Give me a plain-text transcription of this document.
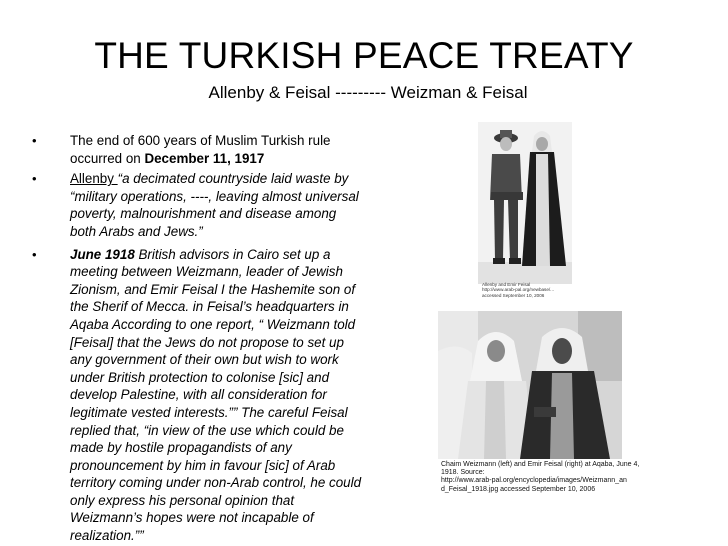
THE TURKISH PEACE TREATY
Allenby & Feisal --------- Weizman & Feisal
• The end of 600 years of Muslim Turkish rule occurred on December 11, 1917
• Allenby “a decimated countryside laid waste by “military operations, ----, leaving almost universal poverty, malnourishment and disease among both Arabs and Jews.”
• June 1918 British advisors in Cairo set up a meeting between Weizmann, leader of Jewish Zionism, and Emir Feisal I the Hashemite son of the Sherif of Mecca. in Feisal’s headquarters in Aqaba According to one report, “ Weizmann told [Feisal] that the Jews do not propose to set up any government of their own but wish to work under British protection to colonise [sic] and develop Palestine, with all consideration for legitimate vested interests.”” The careful Feisal replied that, “in view of the use which could be made by hostile propagandists of any pronouncement by him in favour [sic] of Arab territory coming under non-Arab control, he could only express his personal opinion that Weizmann’s hopes were not incapable of realization.””
Allenby and Emir Feisal
http://www.arab-pal.org/newbase/...
accessed September 10, 2006
Chaim Weizmann (left) and Emir Feisal (right) at Aqaba, June 4, 1918. Source:
http://www.arab-pal.org/encyclopedia/images/Weizmann_an
d_Feisal_1918.jpg accessed September 10, 2006
